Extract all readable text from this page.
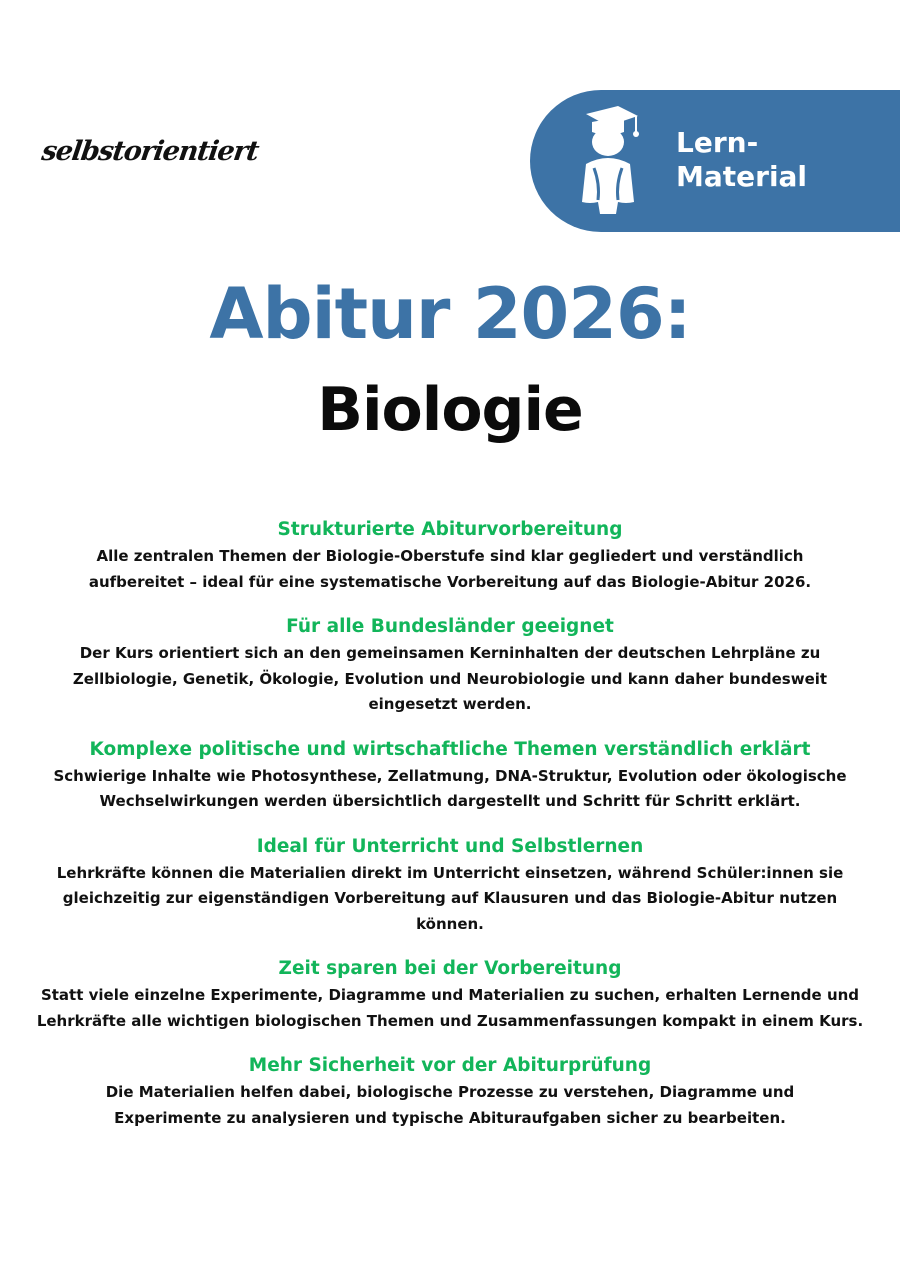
selbstorientiert	Lern-
Material
Abitur 2026:
Biologie
Strukturierte Abiturvorbereitung
Alle zentralen Themen der Biologie-Oberstufe sind klar gegliedert und verständlich
aufbereitet – ideal für eine systematische Vorbereitung auf das Biologie-Abitur 2026.
Für alle Bundesländer geeignet
Der Kurs orientiert sich an den gemeinsamen Kerninhalten der deutschen Lehrpläne zu
Zellbiologie, Genetik, Ökologie, Evolution und Neurobiologie und kann daher bundesweit
eingesetzt werden.
Komplexe politische und wirtschaftliche Themen verständlich erklärt
Schwierige Inhalte wie Photosynthese, Zellatmung, DNA-Struktur, Evolution oder ökologische
Wechselwirkungen werden übersichtlich dargestellt und Schritt für Schritt erklärt.
Ideal für Unterricht und Selbstlernen
Lehrkräfte können die Materialien direkt im Unterricht einsetzen, während Schüler:innen sie
gleichzeitig zur eigenständigen Vorbereitung auf Klausuren und das Biologie-Abitur nutzen
können.
Zeit sparen bei der Vorbereitung
Statt viele einzelne Experimente, Diagramme und Materialien zu suchen, erhalten Lernende und
Lehrkräfte alle wichtigen biologischen Themen und Zusammenfassungen kompakt in einem Kurs.
Mehr Sicherheit vor der Abiturprüfung
Die Materialien helfen dabei, biologische Prozesse zu verstehen, Diagramme und
Experimente zu analysieren und typische Abituraufgaben sicher zu bearbeiten.
